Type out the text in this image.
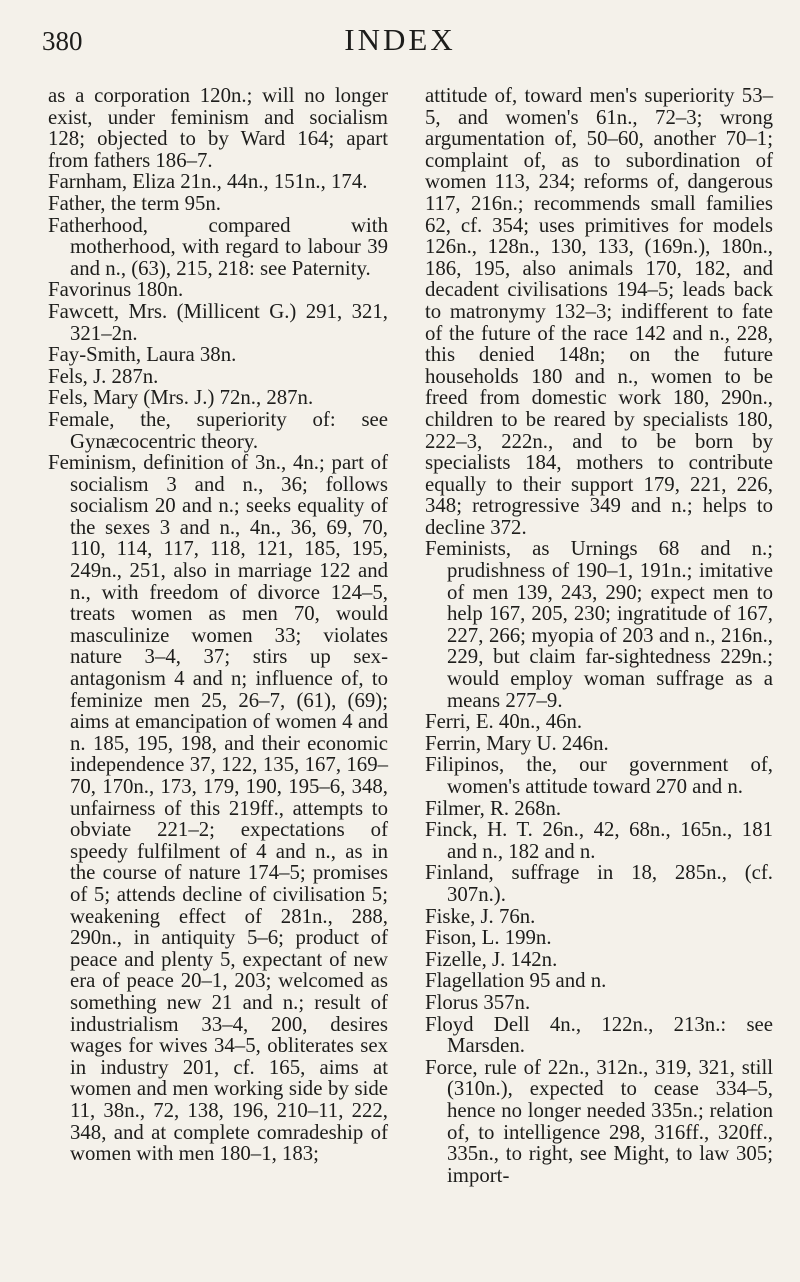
380	INDEX

as a corporation 120n.; will no longer exist, under feminism and socialism 128; objected to by Ward 164; apart from fathers 186–7.

Farnham, Eliza 21n., 44n., 151n., 174.

Father, the term 95n.

Fatherhood, compared with motherhood, with regard to labour 39 and n., (63), 215, 218: see Paternity.

Favorinus 180n.

Fawcett, Mrs. (Millicent G.) 291, 321, 321–2n.

Fay-Smith, Laura 38n.

Fels, J. 287n.

Fels, Mary (Mrs. J.) 72n., 287n.

Female, the, superiority of: see Gynæcocentric theory.

Feminism, definition of 3n., 4n.; part of socialism 3 and n., 36; follows socialism 20 and n.; seeks equality of the sexes 3 and n., 4n., 36, 69, 70, 110, 114, 117, 118, 121, 185, 195, 249n., 251, also in marriage 122 and n., with freedom of divorce 124–5, treats women as men 70, would masculinize women 33; violates nature 3–4, 37; stirs up sex-antagonism 4 and n; influence of, to feminize men 25, 26–7, (61), (69); aims at emancipation of women 4 and n. 185, 195, 198, and their economic independence 37, 122, 135, 167, 169–70, 170n., 173, 179, 190, 195–6, 348, unfairness of this 219ff., attempts to obviate 221–2; expectations of speedy fulfilment of 4 and n., as in the course of nature 174–5; promises of 5; attends decline of civilisation 5; weakening effect of 281n., 288, 290n., in antiquity 5–6; product of peace and plenty 5, expectant of new era of peace 20–1, 203; welcomed as something new 21 and n.; result of industrialism 33–4, 200, desires wages for wives 34–5, obliterates sex in industry 201, cf. 165, aims at women and men working side by side 11, 38n., 72, 138, 196, 210–11, 222, 348, and at complete comradeship of women with men 180–1, 183;

attitude of, toward men's superiority 53–5, and women's 61n., 72–3; wrong argumentation of, 50–60, another 70–1; complaint of, as to subordination of women 113, 234; reforms of, dangerous 117, 216n.; recommends small families 62, cf. 354; uses primitives for models 126n., 128n., 130, 133, (169n.), 180n., 186, 195, also animals 170, 182, and decadent civilisations 194–5; leads back to matronymy 132–3; indifferent to fate of the future of the race 142 and n., 228, this denied 148n; on the future households 180 and n., women to be freed from domestic work 180, 290n., children to be reared by specialists 180, 222–3, 222n., and to be born by specialists 184, mothers to contribute equally to their support 179, 221, 226, 348; retrogressive 349 and n.; helps to decline 372.

Feminists, as Urnings 68 and n.; prudishness of 190–1, 191n.; imitative of men 139, 243, 290; expect men to help 167, 205, 230; ingratitude of 167, 227, 266; myopia of 203 and n., 216n., 229, but claim far-sightedness 229n.; would employ woman suffrage as a means 277–9.

Ferri, E. 40n., 46n.

Ferrin, Mary U. 246n.

Filipinos, the, our government of, women's attitude toward 270 and n.

Filmer, R. 268n.

Finck, H. T. 26n., 42, 68n., 165n., 181 and n., 182 and n.

Finland, suffrage in 18, 285n., (cf. 307n.).

Fiske, J. 76n.

Fison, L. 199n.

Fizelle, J. 142n.

Flagellation 95 and n.

Florus 357n.

Floyd Dell 4n., 122n., 213n.: see Marsden.

Force, rule of 22n., 312n., 319, 321, still (310n.), expected to cease 334–5, hence no longer needed 335n.; relation of, to intelligence 298, 316ff., 320ff., 335n., to right, see Might, to law 305; import-
